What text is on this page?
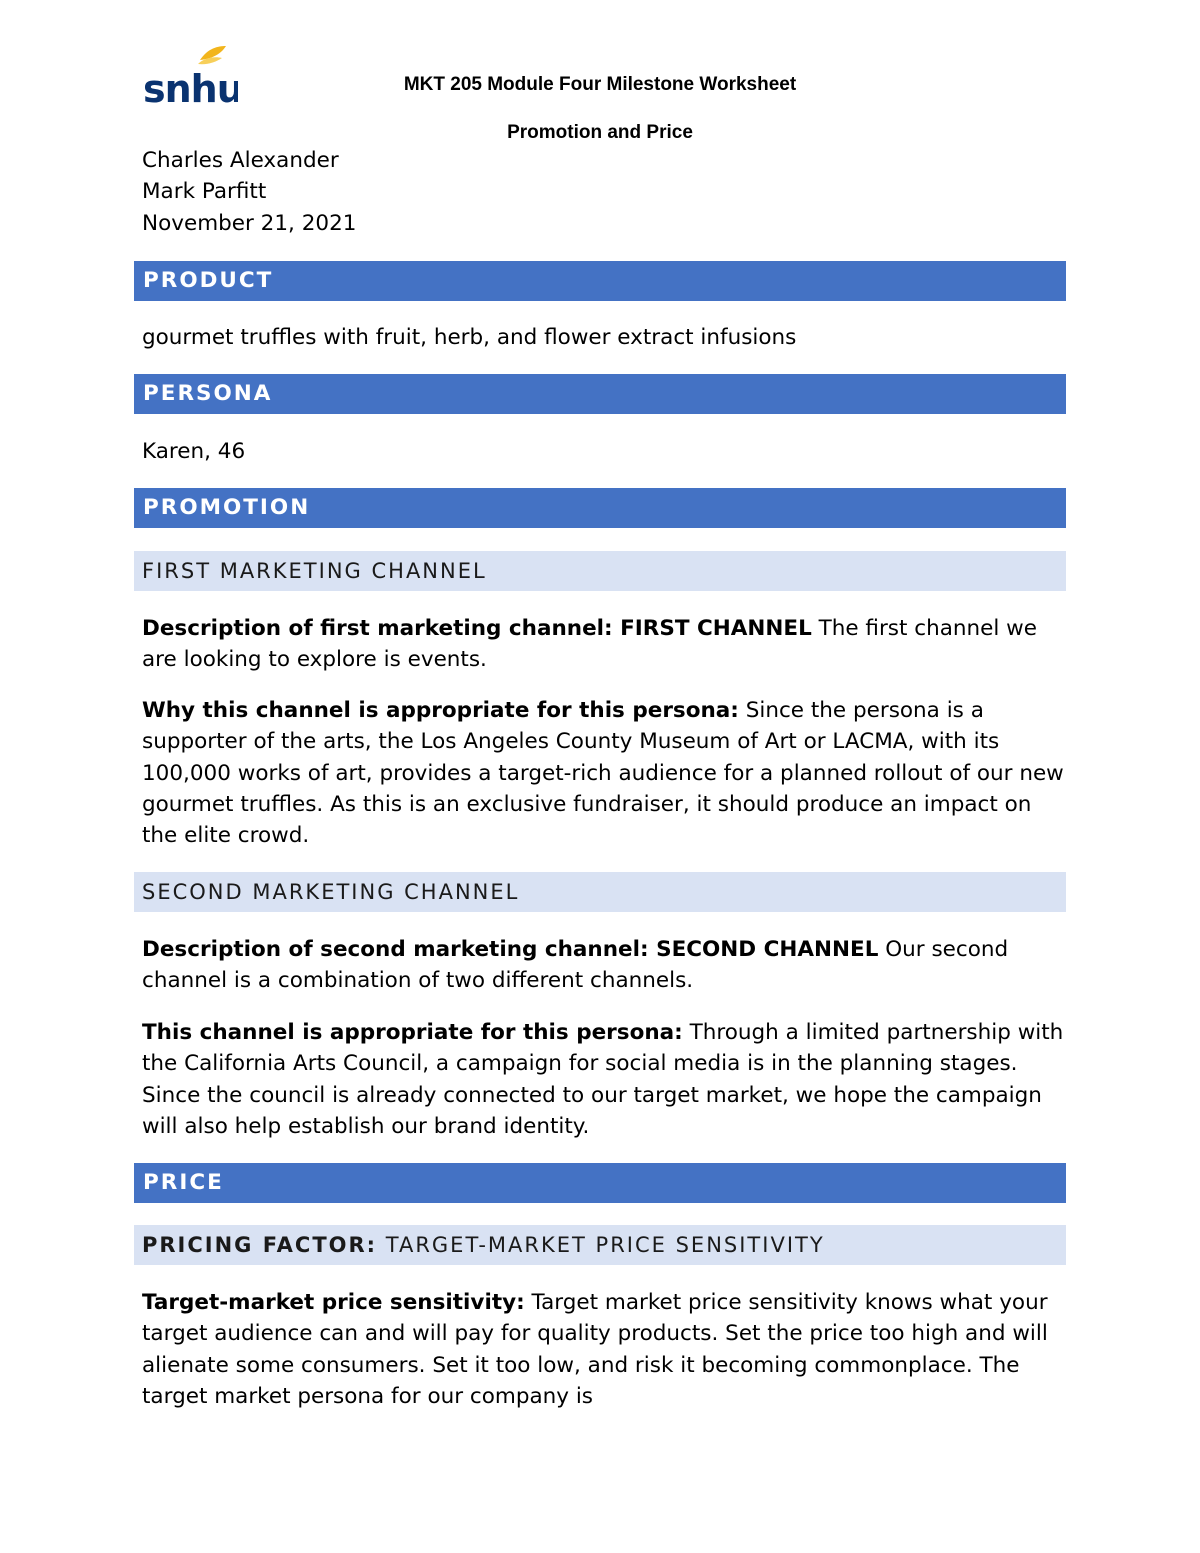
snhu	MKT 205 Module Four Milestone Worksheet
Promotion and Price
Charles Alexander
Mark Parfitt
November 21, 2021
PRODUCT
gourmet truffles with fruit, herb, and flower extract infusions
PERSONA
Karen, 46
PROMOTION
FIRST MARKETING CHANNEL
Description of first marketing channel: FIRST CHANNEL The first channel we are looking to explore is events.
Why this channel is appropriate for this persona: Since the persona is a supporter of the arts, the Los Angeles County Museum of Art or LACMA, with its 100,000 works of art, provides a target-rich audience for a planned rollout of our new gourmet truffles. As this is an exclusive fundraiser, it should produce an impact on the elite crowd.
SECOND MARKETING CHANNEL
Description of second marketing channel: SECOND CHANNEL Our second channel is a combination of two different channels.
This channel is appropriate for this persona: Through a limited partnership with the California Arts Council, a campaign for social media is in the planning stages. Since the council is already connected to our target market, we hope the campaign will also help establish our brand identity.
PRICE
PRICING FACTOR: TARGET-MARKET PRICE SENSITIVITY
Target-market price sensitivity: Target market price sensitivity knows what your target audience can and will pay for quality products. Set the price too high and will alienate some consumers. Set it too low, and risk it becoming commonplace. The target market persona for our company is
